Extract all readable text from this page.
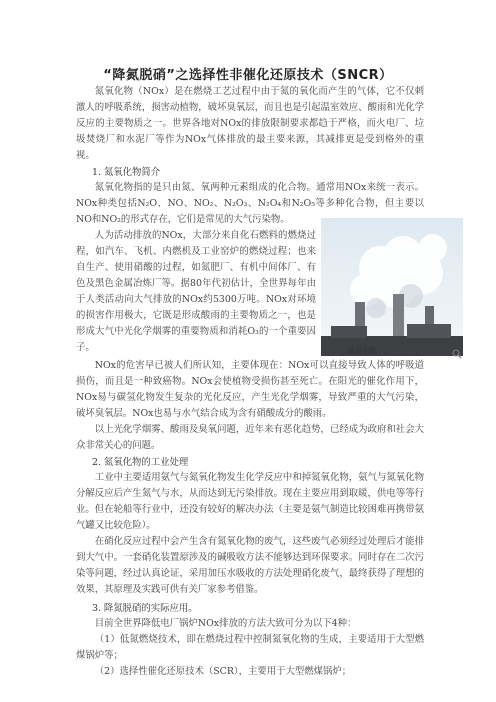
“降氮脱硝”之选择性非催化还原技术（SNCR）

氮氧化物（NOx）是在燃烧工艺过程中由于氮的氧化而产生的气体，它不仅刺激人的呼吸系统，损害动植物，破坏臭氧层，而且也是引起温室效应、酸雨和光化学反应的主要物质之一。世界各地对NOx的排放限制要求都趋于严格，而火电厂、垃圾焚烧厂和水泥厂等作为NOx气体排放的最主要来源，其减排更是受到格外的重视。

1. 氮氧化物简介

氮氧化物指的是只由氮、氧两种元素组成的化合物。通常用NOx来统一表示。NOx种类包括N₂O、NO、NO₂、N₂O₃、N₂O₄和N₂O₅等多种化合物，但主要以NO和NO₂的形式存在，它们是常见的大气污染物。

人为活动排放的NOx，大部分来自化石燃料的燃烧过程，如汽车、飞机、内燃机及工业窑炉的燃烧过程；也来自生产、使用硝酸的过程，如氮肥厂、有机中间体厂、有色及黑色金属冶炼厂等。据80年代初估计，全世界每年由于人类活动向大气排放的NOx约5300万吨。NOx对环境的损害作用极大，它既是形成酸雨的主要物质之一，也是形成大气中光化学烟雾的重要物质和消耗O₃的一个重要因子。

NOx的危害早已被人们所认知，主要体现在：NOx可以直接导致人体的呼吸道损伤，而且是一种致癌物。NOx会使植物受损伤甚至死亡。在阳光的催化作用下，NOx易与碳氢化物发生复杂的光化反应，产生光化学烟雾，导致严重的大气污染，破坏臭氧层。NOx也易与水气结合成为含有硝酸成分的酸雨。

以上光化学烟雾、酸雨及臭氧问题，近年来有恶化趋势，已经成为政府和社会大众非常关心的问题。

氮氧化物

2. 氮氧化物的工业处理

工业中主要适用氨气与氮氧化物发生化学反应中和掉氮氧化物，氨气与氮氧化物分解反应后产生氮气与水，从而达到无污染排放。现在主要应用到取暖，供电等等行业。但在轮船等行业中，还没有较好的解决办法（主要是氨气制造比较困难再携带氨气罐又比较危险）。

在硝化反应过程中会产生含有氮氧化物的废气，这些废气必须经过处理后才能排到大气中。一套硝化装置原涉及的碱吸收方法不能够达到环保要求。同时存在二次污染等问题，经过认真论证，采用加压水吸收的方法处理硝化废气，最终获得了理想的效果，其原理及实践可供有关厂家参考借鉴。

3. 降氮脱硝的实际应用。

目前全世界降低电厂锅炉NOx排放的方法大致可分为以下4种：

（1）低氮燃烧技术，即在燃烧过程中控制氮氧化物的生成，主要适用于大型燃煤锅炉等；

（2）选择性催化还原技术（SCR），主要用于大型燃煤锅炉；
